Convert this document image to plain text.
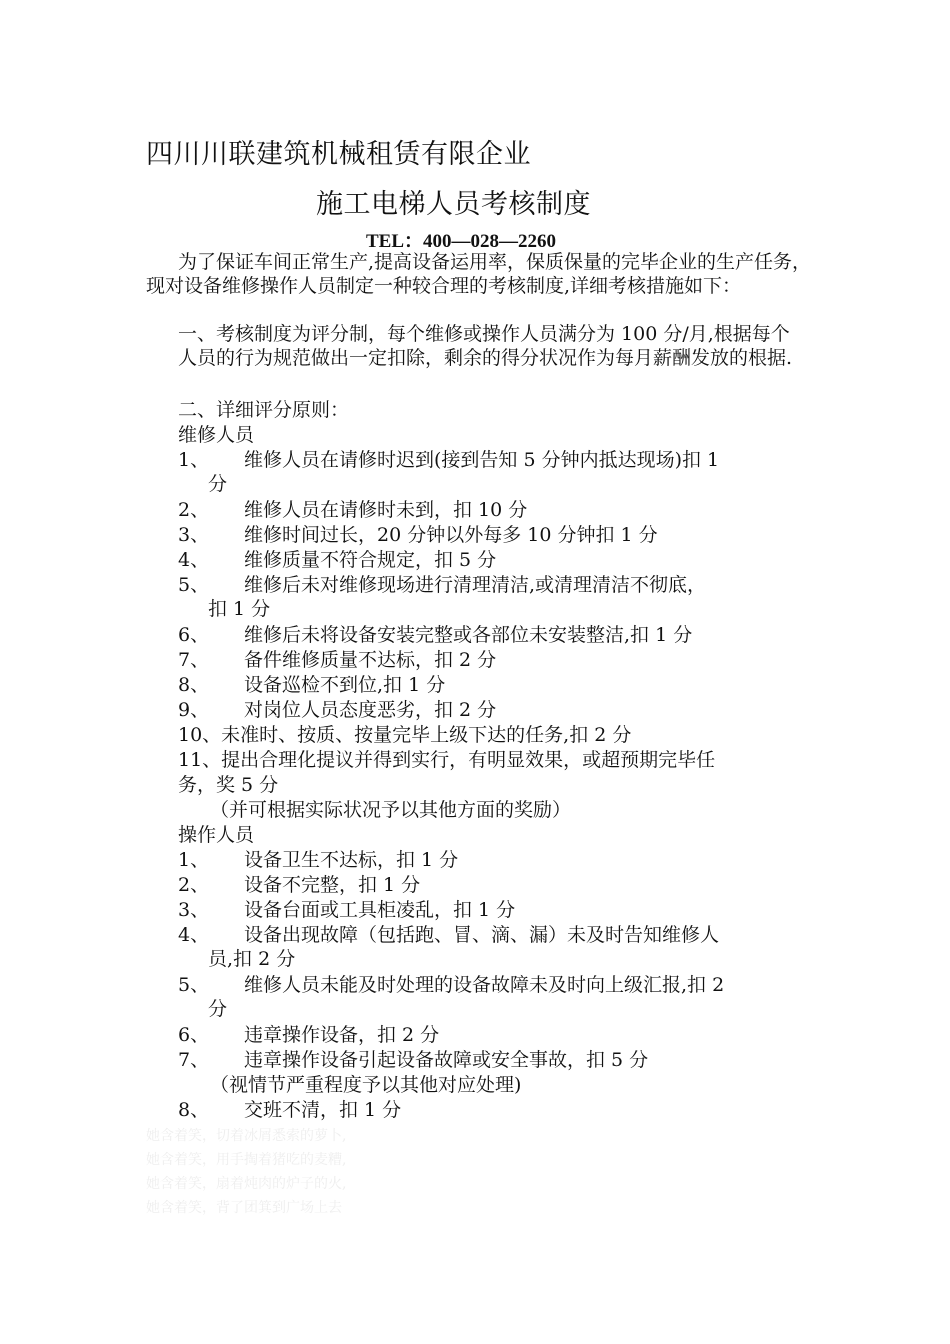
四川川联建筑机械租赁有限企业
施工电梯人员考核制度
TEL：400—028—2260
为了保证车间正常生产,提高设备运用率，保质保量的完毕企业的生产任务，现对设备维修操作人员制定一种较合理的考核制度,详细考核措施如下：
一、考核制度为评分制，每个维修或操作人员满分为 100 分/月,根据每个人员的行为规范做出一定扣除，剩余的得分状况作为每月薪酬发放的根据.
二、详细评分原则：
维修人员
1、	维修人员在请修时迟到(接到告知 5 分钟内抵达现场)扣 1
分
2、	维修人员在请修时未到，扣 10 分
3、	维修时间过长，20 分钟以外每多 10 分钟扣 1 分
4、	维修质量不符合规定，扣 5 分
5、	维修后未对维修现场进行清理清洁,或清理清洁不彻底，
扣 1 分
6、	维修后未将设备安装完整或各部位未安装整洁,扣 1 分
7、	备件维修质量不达标，扣 2 分
8、	设备巡检不到位,扣 1 分
9、	对岗位人员态度恶劣，扣 2 分
10、未准时、按质、按量完毕上级下达的任务,扣 2 分
11、提出合理化提议并得到实行，有明显效果，或超预期完毕任
务，奖 5 分
（并可根据实际状况予以其他方面的奖励）
操作人员
1、	设备卫生不达标，扣 1 分
2、	设备不完整，扣 1 分
3、	设备台面或工具柜凌乱，扣 1 分
4、	设备出现故障（包括跑、冒、滴、漏）未及时告知维修人
员,扣 2 分
5、	维修人员未能及时处理的设备故障未及时向上级汇报,扣 2
分
6、	违章操作设备，扣 2 分
7、	违章操作设备引起设备故障或安全事故，扣 5 分
（视情节严重程度予以其他对应处理)
8、	交班不清，扣 1 分
她含着笑，切着冰屑悉索的萝卜,
她含着笑，用手掏着猪吃的麦糟,
她含着笑，扇着炖肉的炉子的火,
她含着笑，背了团箕到广场上去
